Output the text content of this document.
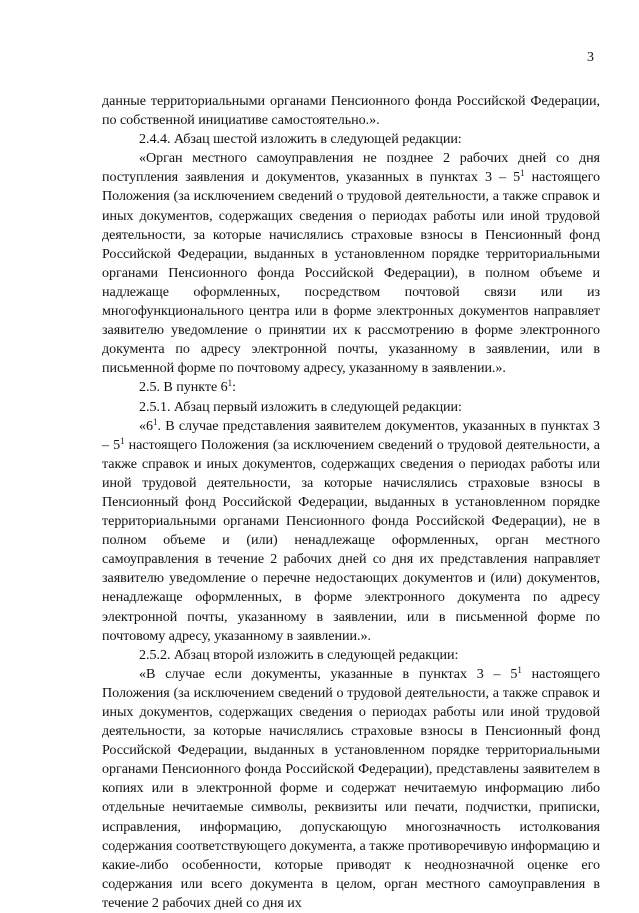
3

данные территориальными органами Пенсионного фонда Российской Федерации, по собственной инициативе самостоятельно.».

2.4.4. Абзац шестой изложить в следующей редакции:

«Орган местного самоуправления не позднее 2 рабочих дней со дня поступления заявления и документов, указанных в пунктах $3 - 5^1$ настоящего Положения (за исключением сведений о трудовой деятельности, а также справок и иных документов, содержащих сведения о периодах работы или иной трудовой деятельности, за которые начислялись страховые взносы в Пенсионный фонд Российской Федерации, выданных в установленном порядке территориальными органами Пенсионного фонда Российской Федерации), в полном объеме и надлежаще оформленных, посредством почтовой связи или из многофункционального центра или в форме электронных документов направляет заявителю уведомление о принятии их к рассмотрению в форме электронного документа по адресу электронной почты, указанному в заявлении, или в письменной форме по почтовому адресу, указанному в заявлении.».

2.5. В пункте $6^1$:

2.5.1. Абзац первый изложить в следующей редакции:

«$6^1$. В случае представления заявителем документов, указанных в пунктах $3 - 5^1$ настоящего Положения (за исключением сведений о трудовой деятельности, а также справок и иных документов, содержащих сведения о периодах работы или иной трудовой деятельности, за которые начислялись страховые взносы в Пенсионный фонд Российской Федерации, выданных в установленном порядке территориальными органами Пенсионного фонда Российской Федерации), не в полном объеме и (или) ненадлежаще оформленных, орган местного самоуправления в течение 2 рабочих дней со дня их представления направляет заявителю уведомление о перечне недостающих документов и (или) документов, ненадлежаще оформленных, в форме электронного документа по адресу электронной почты, указанному в заявлении, или в письменной форме по почтовому адресу, указанному в заявлении.».

2.5.2. Абзац второй изложить в следующей редакции:

«В случае если документы, указанные в пунктах $3 - 5^1$ настоящего Положения (за исключением сведений о трудовой деятельности, а также справок и иных документов, содержащих сведения о периодах работы или иной трудовой деятельности, за которые начислялись страховые взносы в Пенсионный фонд Российской Федерации, выданных в установленном порядке территориальными органами Пенсионного фонда Российской Федерации), представлены заявителем в копиях или в электронной форме и содержат нечитаемую информацию либо отдельные нечитаемые символы, реквизиты или печати, подчистки, приписки, исправления, информацию, допускающую многозначность истолкования содержания соответствующего документа, а также противоречивую информацию и какие-либо особенности, которые приводят к неоднозначной оценке его содержания или всего документа в целом, орган местного самоуправления в течение 2 рабочих дней со дня их
